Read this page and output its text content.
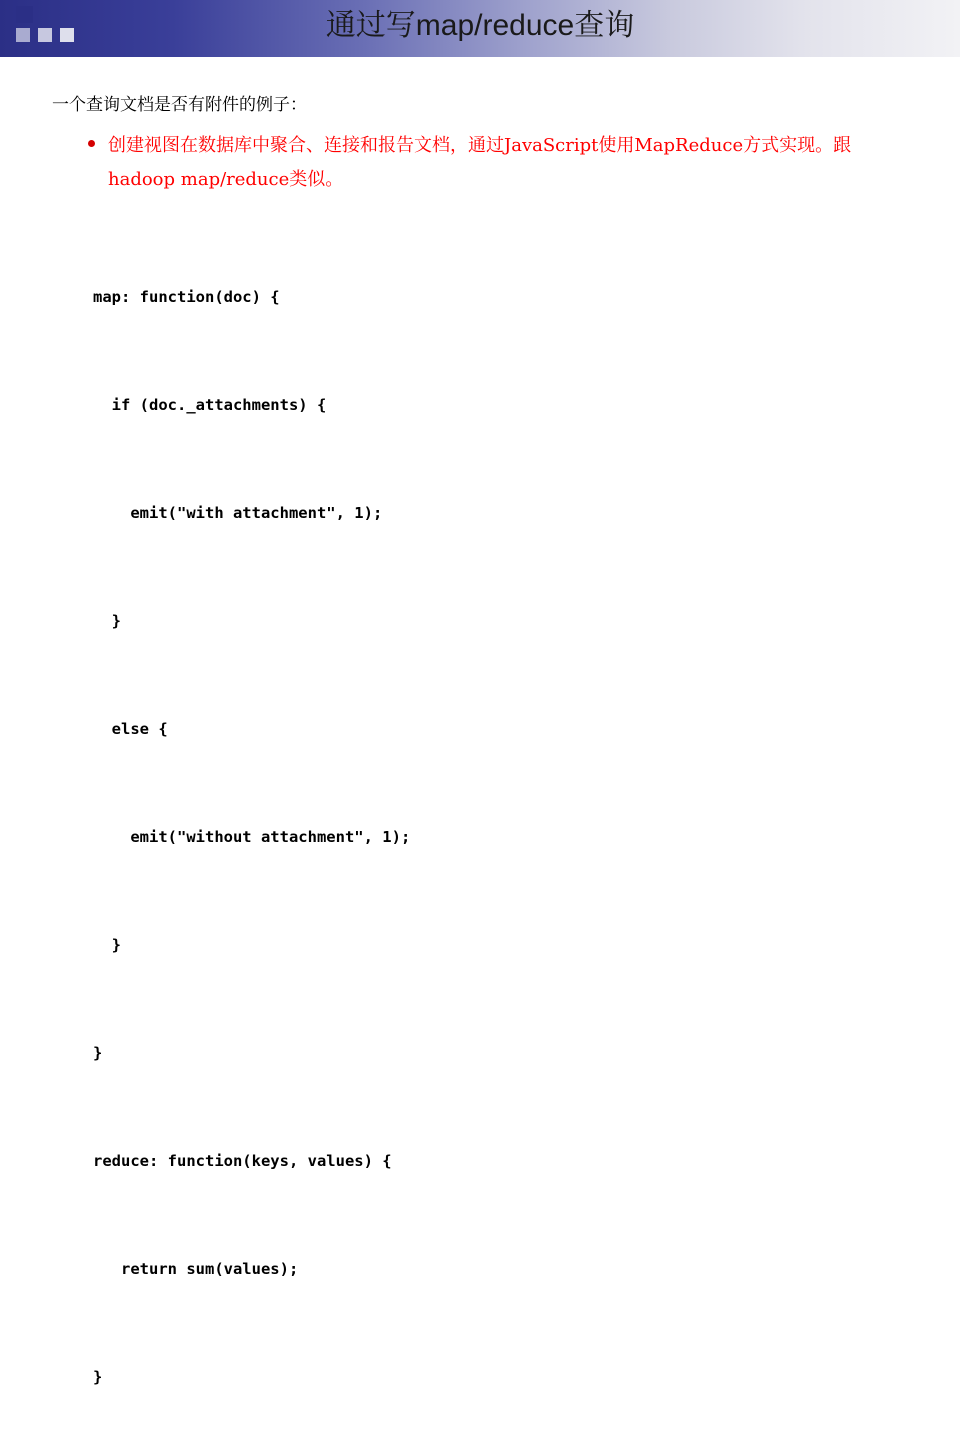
通过写map/reduce查询
一个查询文档是否有附件的例子：
创建视图在数据库中聚合、连接和报告文档，通过JavaScript使用MapReduce方式实现。跟hadoop map/reduce类似。

map: function(doc) {

if (doc._attachments) {

emit("with attachment", 1);

}

else {

emit("without attachment", 1);

}

}

reduce: function(keys, values) {

return sum(values);

}
